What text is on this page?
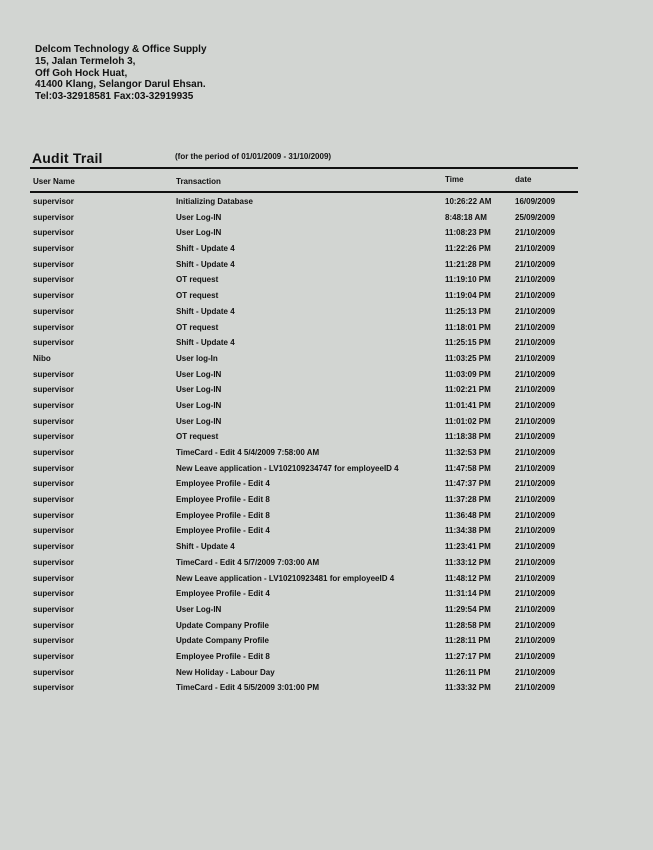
Delcom Technology & Office Supply
15, Jalan Termeloh 3,
Off Goh Hock Huat,
41400 Klang, Selangor Darul Ehsan.
Tel:03-32918581 Fax:03-32919935
Audit Trail	(for the period of 01/01/2009 - 31/10/2009)
User Name	Transaction	Time	date
supervisor	Initializing Database	10:26:22 AM	16/09/2009
supervisor	User Log-IN	8:48:18 AM	25/09/2009
supervisor	User Log-IN	11:08:23 PM	21/10/2009
supervisor	Shift - Update 4	11:22:26 PM	21/10/2009
supervisor	Shift - Update 4	11:21:28 PM	21/10/2009
supervisor	OT request	11:19:10 PM	21/10/2009
supervisor	OT request	11:19:04 PM	21/10/2009
supervisor	Shift - Update 4	11:25:13 PM	21/10/2009
supervisor	OT request	11:18:01 PM	21/10/2009
supervisor	Shift - Update 4	11:25:15 PM	21/10/2009
Nibo	User log-In	11:03:25 PM	21/10/2009
supervisor	User Log-IN	11:03:09 PM	21/10/2009
supervisor	User Log-IN	11:02:21 PM	21/10/2009
supervisor	User Log-IN	11:01:41 PM	21/10/2009
supervisor	User Log-IN	11:01:02 PM	21/10/2009
supervisor	OT request	11:18:38 PM	21/10/2009
supervisor	TimeCard - Edit 4 5/4/2009 7:58:00 AM	11:32:53 PM	21/10/2009
supervisor	New Leave application - LV102109234747 for employeeID 4	11:47:58 PM	21/10/2009
supervisor	Employee Profile - Edit 4	11:47:37 PM	21/10/2009
supervisor	Employee Profile - Edit 8	11:37:28 PM	21/10/2009
supervisor	Employee Profile - Edit 8	11:36:48 PM	21/10/2009
supervisor	Employee Profile - Edit 4	11:34:38 PM	21/10/2009
supervisor	Shift - Update 4	11:23:41 PM	21/10/2009
supervisor	TimeCard - Edit 4 5/7/2009 7:03:00 AM	11:33:12 PM	21/10/2009
supervisor	New Leave application - LV10210923481 for employeeID 4	11:48:12 PM	21/10/2009
supervisor	Employee Profile - Edit 4	11:31:14 PM	21/10/2009
supervisor	User Log-IN	11:29:54 PM	21/10/2009
supervisor	Update Company Profile	11:28:58 PM	21/10/2009
supervisor	Update Company Profile	11:28:11 PM	21/10/2009
supervisor	Employee Profile - Edit 8	11:27:17 PM	21/10/2009
supervisor	New Holiday - Labour Day	11:26:11 PM	21/10/2009
supervisor	TimeCard - Edit 4 5/5/2009 3:01:00 PM	11:33:32 PM	21/10/2009
